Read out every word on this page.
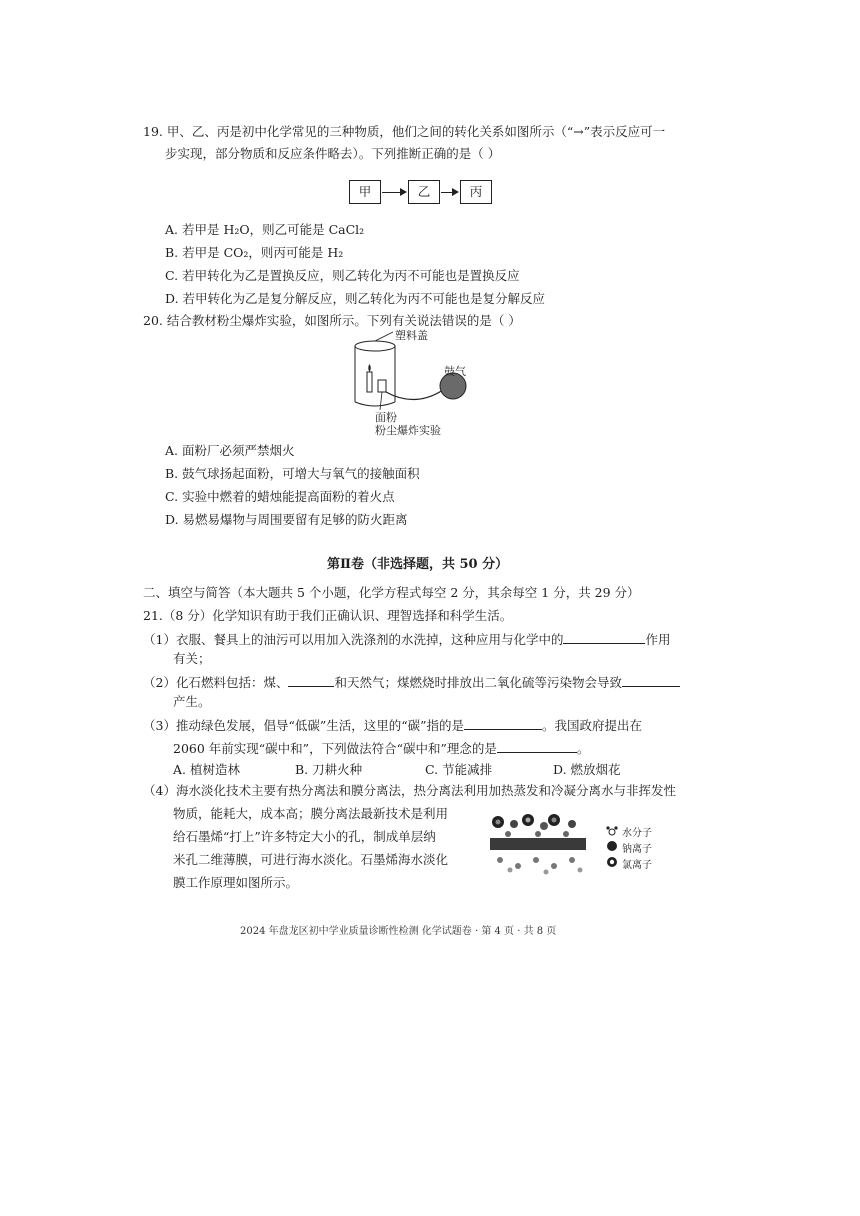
19. 甲、乙、丙是初中化学常见的三种物质，他们之间的转化关系如图所示（“→”表示反应可一
步实现，部分物质和反应条件略去）。下列推断正确的是（ ）
甲	乙	丙
A. 若甲是 H₂O，则乙可能是 CaCl₂
B. 若甲是 CO₂，则丙可能是 H₂
C. 若甲转化为乙是置换反应，则乙转化为丙不可能也是置换反应
D. 若甲转化为乙是复分解反应，则乙转化为丙不可能也是复分解反应
20. 结合教材粉尘爆炸实验，如图所示。下列有关说法错误的是（ ）
塑料盖
鼓气
面粉
粉尘爆炸实验
A. 面粉厂必须严禁烟火
B. 鼓气球扬起面粉，可增大与氧气的接触面积
C. 实验中燃着的蜡烛能提高面粉的着火点
D. 易燃易爆物与周围要留有足够的防火距离
第Ⅱ卷（非选择题，共 50 分）
二、填空与简答（本大题共 5 个小题，化学方程式每空 2 分，其余每空 1 分，共 29 分）
21.（8 分）化学知识有助于我们正确认识、理智选择和科学生活。
（1）衣服、餐具上的油污可以用加入洗涤剂的水洗掉，这种应用与化学中的	作用
有关；
（2）化石燃料包括：煤、	和天然气；煤燃烧时排放出二氧化硫等污染物会导致
产生。
（3）推动绿色发展，倡导“低碳”生活，这里的“碳”指的是	。我国政府提出在
2060 年前实现“碳中和”，下列做法符合“碳中和”理念的是	。
A. 植树造林	B. 刀耕火种	C. 节能减排	D. 燃放烟花
（4）海水淡化技术主要有热分离法和膜分离法，热分离法利用加热蒸发和冷凝分离水与非挥发性
物质，能耗大，成本高；膜分离法最新技术是利用
给石墨烯“打上”许多特定大小的孔，制成单层纳
米孔二维薄膜，可进行海水淡化。石墨烯海水淡化
膜工作原理如图所示。
水分子
钠离子
氯离子
2024 年盘龙区初中学业质量诊断性检测 化学试题卷 · 第 4 页 · 共 8 页
